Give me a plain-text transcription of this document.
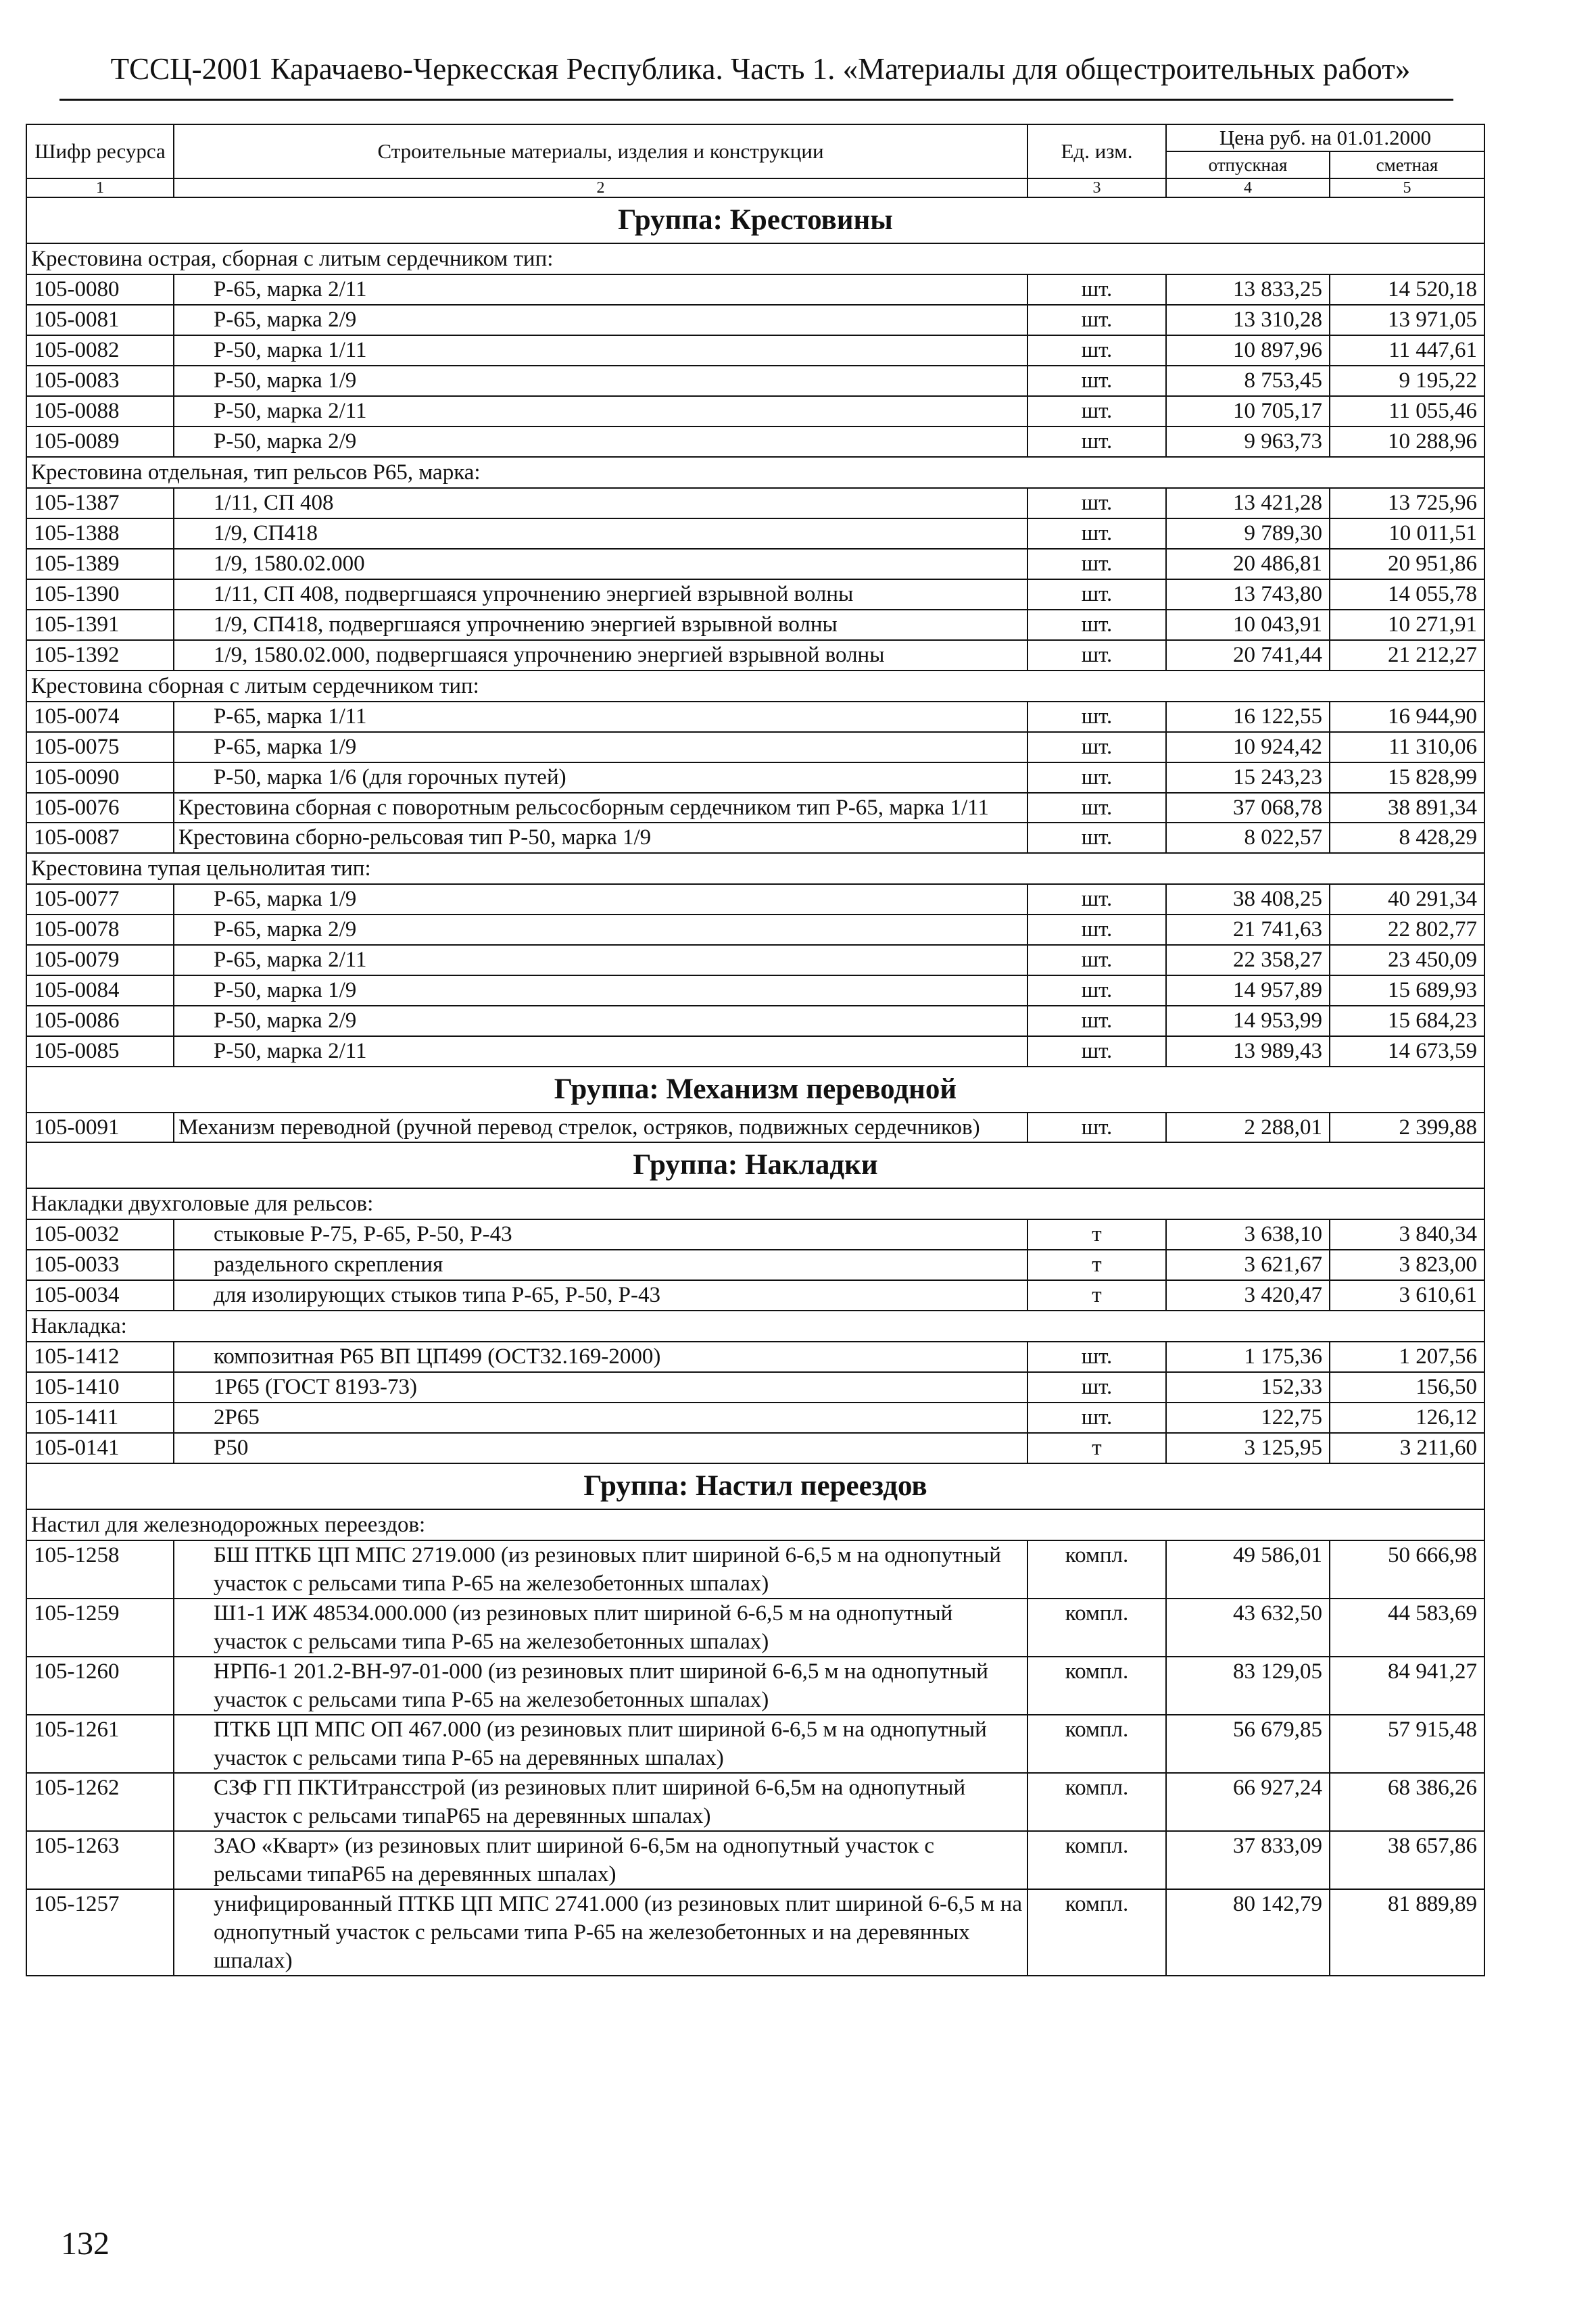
ТССЦ-2001 Карачаево-Черкесская Республика. Часть 1. «Материалы для общестроительных работ»
Шифр ресурса	Строительные материалы, изделия и конструкции	Ед. изм.	Цена руб. на 01.01.2000	
			отпускная	сметная
1	2	3	4	5
Группа: Крестовины				
Крестовина острая, сборная с литым сердечником тип:				
105-0080	Р-65, марка 2/11	шт.	13 833,25	14 520,18
105-0081	Р-65, марка 2/9	шт.	13 310,28	13 971,05
105-0082	Р-50, марка 1/11	шт.	10 897,96	11 447,61
105-0083	Р-50, марка 1/9	шт.	8 753,45	9 195,22
105-0088	Р-50, марка 2/11	шт.	10 705,17	11 055,46
105-0089	Р-50, марка 2/9	шт.	9 963,73	10 288,96
Крестовина отдельная, тип рельсов Р65, марка:				
105-1387	1/11, СП 408	шт.	13 421,28	13 725,96
105-1388	1/9, СП418	шт.	9 789,30	10 011,51
105-1389	1/9, 1580.02.000	шт.	20 486,81	20 951,86
105-1390	1/11, СП 408, подвергшаяся упрочнению энергией взрывной волны	шт.	13 743,80	14 055,78
105-1391	1/9, СП418, подвергшаяся упрочнению энергией взрывной волны	шт.	10 043,91	10 271,91
105-1392	1/9, 1580.02.000, подвергшаяся упрочнению энергией взрывной волны	шт.	20 741,44	21 212,27
Крестовина сборная с литым сердечником тип:				
105-0074	Р-65, марка 1/11	шт.	16 122,55	16 944,90
105-0075	Р-65, марка 1/9	шт.	10 924,42	11 310,06
105-0090	Р-50, марка 1/6 (для горочных путей)	шт.	15 243,23	15 828,99
105-0076	Крестовина сборная с поворотным рельсосборным сердечником тип Р-65, марка 1/11	шт.	37 068,78	38 891,34
105-0087	Крестовина сборно-рельсовая тип Р-50, марка 1/9	шт.	8 022,57	8 428,29
Крестовина тупая цельнолитая тип:				
105-0077	Р-65, марка 1/9	шт.	38 408,25	40 291,34
105-0078	Р-65, марка 2/9	шт.	21 741,63	22 802,77
105-0079	Р-65, марка 2/11	шт.	22 358,27	23 450,09
105-0084	Р-50, марка 1/9	шт.	14 957,89	15 689,93
105-0086	Р-50, марка 2/9	шт.	14 953,99	15 684,23
105-0085	Р-50, марка 2/11	шт.	13 989,43	14 673,59
Группа: Механизм переводной				
105-0091	Механизм переводной (ручной перевод стрелок, остряков, подвижных сердечников)	шт.	2 288,01	2 399,88
Группа: Накладки				
Накладки двухголовые для рельсов:				
105-0032	стыковые Р-75, Р-65, Р-50, Р-43	т	3 638,10	3 840,34
105-0033	раздельного скрепления	т	3 621,67	3 823,00
105-0034	для изолирующих стыков типа Р-65, Р-50, Р-43	т	3 420,47	3 610,61
Накладка:				
105-1412	композитная Р65 ВП ЦП499 (ОСТ32.169-2000)	шт.	1 175,36	1 207,56
105-1410	1Р65 (ГОСТ 8193-73)	шт.	152,33	156,50
105-1411	2Р65	шт.	122,75	126,12
105-0141	Р50	т	3 125,95	3 211,60
Группа: Настил переездов				
Настил для железнодорожных переездов:				
105-1258	БШ ПТКБ ЦП МПС 2719.000 (из резиновых плит шириной 6-6,5 м на однопутный участок с рельсами типа Р-65 на железобетонных шпалах)	компл.	49 586,01	50 666,98
105-1259	Ш1-1 ИЖ 48534.000.000 (из резиновых плит шириной 6-6,5 м на однопутный участок с рельсами типа Р-65 на железобетонных шпалах)	компл.	43 632,50	44 583,69
105-1260	НРП6-1 201.2-ВН-97-01-000 (из резиновых плит шириной 6-6,5 м на однопутный участок с рельсами типа Р-65 на железобетонных шпалах)	компл.	83 129,05	84 941,27
105-1261	ПТКБ ЦП МПС ОП 467.000 (из резиновых плит шириной 6-6,5 м на однопутный участок с рельсами типа Р-65 на деревянных шпалах)	компл.	56 679,85	57 915,48
105-1262	СЗФ ГП ПКТИтрансстрой (из резиновых плит шириной 6-6,5м на однопутный участок с рельсами типаР65 на деревянных шпалах)	компл.	66 927,24	68 386,26
105-1263	ЗАО «Кварт» (из резиновых плит шириной 6-6,5м на однопутный участок с рельсами типаР65 на деревянных шпалах)	компл.	37 833,09	38 657,86
105-1257	унифицированный ПТКБ ЦП МПС 2741.000 (из резиновых плит шириной 6-6,5 м на однопутный участок с рельсами типа Р-65 на железобетонных и на деревянных шпалах)	компл.	80 142,79	81 889,89
132
